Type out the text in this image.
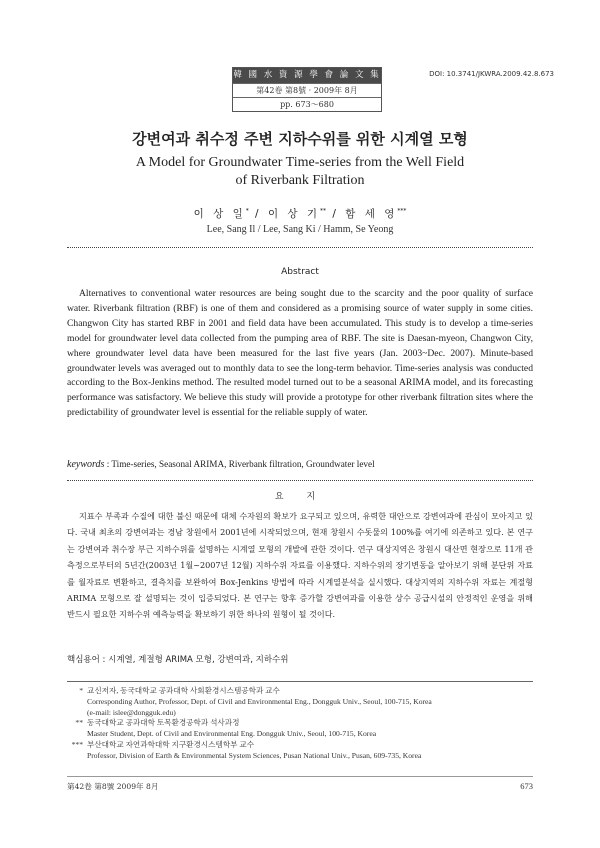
韓 國 水 資 源 學 會 論 文 集
第42卷 第8號 · 2009年 8月
pp. 673～680
DOI: 10.3741/JKWRA.2009.42.8.673
강변여과 취수정 주변 지하수위를 위한 시계열 모형
A Model for Groundwater Time-series from the Well Field
of Riverbank Filtration
이 상 일* / 이 상 기** / 함 세 영***
Lee, Sang Il / Lee, Sang Ki / Hamm, Se Yeong
Abstract

Alternatives to conventional water resources are being sought due to the scarcity and the poor quality of surface water. Riverbank filtration (RBF) is one of them and considered as a promising source of water supply in some cities. Changwon City has started RBF in 2001 and field data have been accumulated. This study is to develop a time-series model for groundwater level data collected from the pumping area of RBF. The site is Daesan-myeon, Changwon City, where groundwater level data have been measured for the last five years (Jan. 2003~Dec. 2007). Minute-based groundwater levels was averaged out to monthly data to see the long-term behavior. Time-series analysis was conducted according to the Box-Jenkins method. The resulted model turned out to be a seasonal ARIMA model, and its forecasting performance was satisfactory. We believe this study will provide a prototype for other riverbank filtration sites where the predictability of groundwater level is essential for the reliable supply of water.

keywords : Time-series, Seasonal ARIMA, Riverbank filtration, Groundwater level
요 지

지표수 부족과 수질에 대한 불신 때문에 대체 수자원의 확보가 요구되고 있으며, 유력한 대안으로 강변여과에 관심이 모아지고 있다. 국내 최초의 강변여과는 경남 창원에서 2001년에 시작되었으며, 현재 창원시 수돗물의 100%를 여기에 의존하고 있다. 본 연구는 강변여과 취수장 부근 지하수위를 설명하는 시계열 모형의 개발에 관한 것이다. 연구 대상지역은 창원시 대산면 현장으로 11개 관측정으로부터의 5년간(2003년 1월~2007년 12월) 지하수위 자료를 이용했다. 지하수위의 장기변동을 알아보기 위해 분단위 자료를 월자료로 변환하고, 결측치를 보완하여 Box-Jenkins 방법에 따라 시계열분석을 실시했다. 대상지역의 지하수위 자료는 계절형 ARIMA 모형으로 잘 설명되는 것이 입증되었다. 본 연구는 향후 증가할 강변여과를 이용한 상수 공급시설의 안정적인 운영을 위해 반드시 필요한 지하수위 예측능력을 확보하기 위한 하나의 원형이 될 것이다.

핵심용어 : 시계열, 계절형 ARIMA 모형, 강변여과, 지하수위
* 교신저자, 동국대학교 공과대학 사회환경시스템공학과 교수
Corresponding Author, Professor, Dept. of Civil and Environmental Eng., Dongguk Univ., Seoul, 100-715, Korea
(e-mail: islee@dongguk.edu)
** 동국대학교 공과대학 토목환경공학과 석사과정
Master Student, Dept. of Civil and Environmental Eng. Dongguk Univ., Seoul, 100-715, Korea
*** 부산대학교 자연과학대학 지구환경시스템학부 교수
Professor, Division of Earth & Environmental System Sciences, Pusan National Univ., Pusan, 609-735, Korea
第42卷 第8號 2009年 8月	673
